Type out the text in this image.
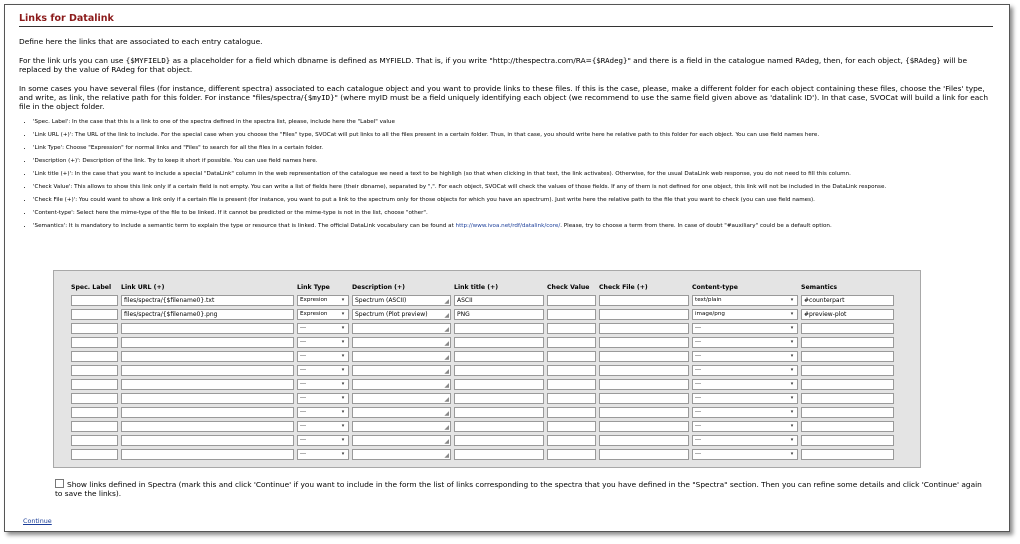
Links for Datalink

Define here the links that are associated to each entry catalogue.

For the link urls you can use {$MYFIELD} as a placeholder for a field which dbname is defined as MYFIELD. That is, if you write "http://thespectra.com/RA={$RAdeg}" and there is a field in the catalogue named RAdeg, then, for each object, {$RAdeg} will be replaced by the value of RAdeg for that object.

In some cases you have several files (for instance, different spectra) associated to each catalogue object and you want to provide links to these files. If this is the case, please, make a different folder for each object containing these files, choose the 'Files' type, and write, as link, the relative path for this folder. For instance "files/spectra/{$myID}" (where myID must be a field uniquely identifying each object (we recommend to use the same field given above as 'datalink ID'). In that case, SVOCat will build a link for each file in the object folder.

• 'Spec. Label': In the case that this is a link to one of the spectra defined in the spectra list, please, include here the "Label" value
• 'Link URL (+)': The URL of the link to include. For the special case when you choose the "Files" type, SVOCat will put links to all the files present in a certain folder. Thus, in that case, you should write here he relative path to this folder for each object. You can use field names here.
• 'Link Type': Choose "Expression" for normal links and "Files" to search for all the files in a certain folder.
• 'Description (+)': Description of the link. Try to keep it short if possible. You can use field names here.
• 'Link title (+)': In the case that you want to include a special "DataLink" column in the web representation of the catalogue we need a text to be highligh (so that when clicking in that text, the link activates). Otherwise, for the usual DataLink web response, you do not need to fill this column.
• 'Check Value': This allows to show this link only if a certain field is not empty. You can write a list of fields here (their dbname), separated by ",". For each object, SVOCat will check the values of those fields. If any of them is not defined for one object, this link will not be included in the DataLink response.
• 'Check File (+)': You could want to show a link only if a certain file is present (for instance, you want to put a link to the spectrum only for those objects for which you have an spectrum). Just write here the relative path to the file that you want to check (you can use field names).
• 'Content-type': Select here the mime-type of the file to be linked. If it cannot be predicted or the mime-type is not in the list, choose "other".
• 'Semantics': It is mandatory to include a semantic term to explain the type or resource that is linked. The official DataLink vocabulary can be found at http://www.ivoa.net/rdf/datalink/core/. Please, try to choose a term from there. In case of doubt "#auxiliary" could be a default option.
Spec. Label	Link URL (+)	Link Type	Description (+)	Link title (+)	Check Value	Check File (+)	Content-type	Semantics

	files/spectra/{$filename0}.txt	Expresion ▾	Spectrum (ASCII) ◢	ASCII			text/plain ▾	#counterpart

	files/spectra/{$filename0}.png	Expresion ▾	Spectrum (Plot preview) ◢	PNG			image/png ▾	#preview-plot

		--- ▾	◢				--- ▾	

		--- ▾	◢				--- ▾	

		--- ▾	◢				--- ▾	

		--- ▾	◢				--- ▾	

		--- ▾	◢				--- ▾	

		--- ▾	◢				--- ▾	

		--- ▾	◢				--- ▾	

		--- ▾	◢				--- ▾	

		--- ▾	◢				--- ▾	

		--- ▾	◢				--- ▾	

Show links defined in Spectra (mark this and click 'Continue' if you want to include in the form the list of links corresponding to the spectra that you have defined in the "Spectra" section. Then you can refine some details and click 'Continue' again to save the links).
Continue
